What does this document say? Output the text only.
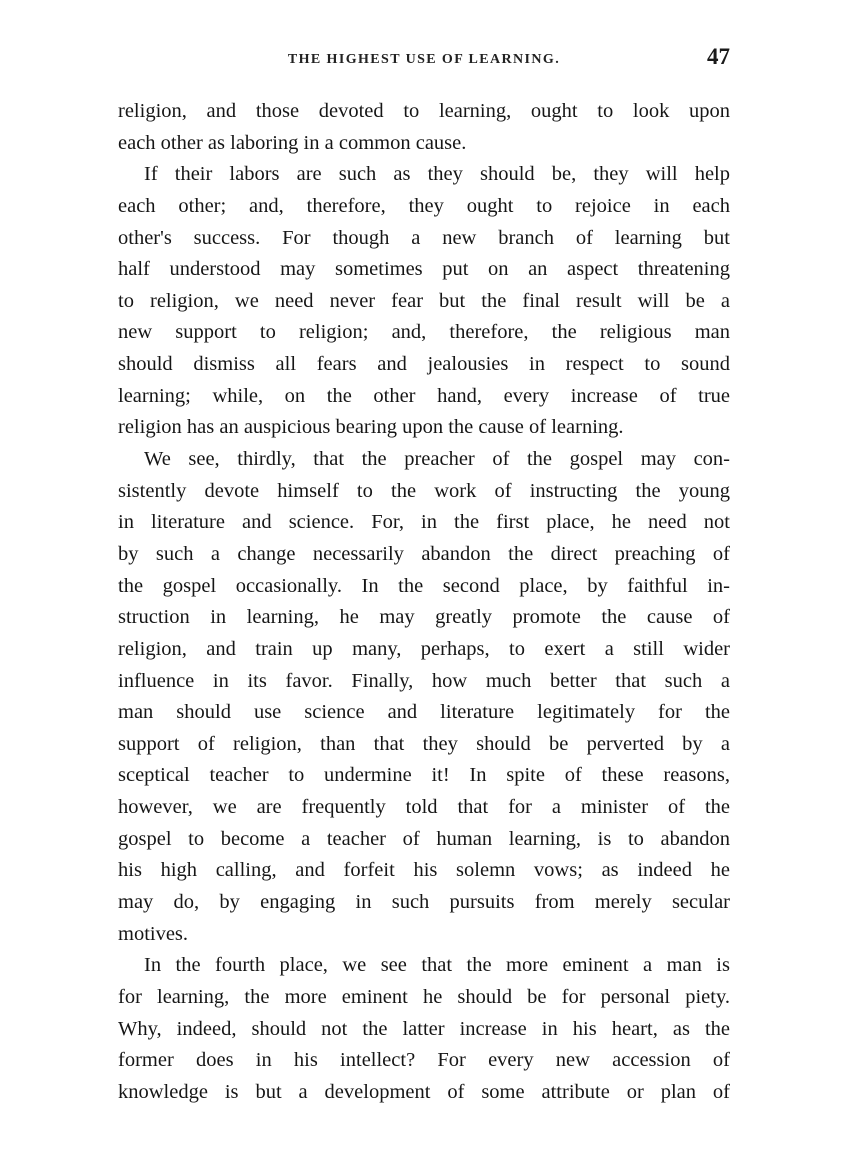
THE HIGHEST USE OF LEARNING.	47
religion, and those devoted to learning, ought to look upon
each other as laboring in a common cause.
If their labors are such as they should be, they will help
each other; and, therefore, they ought to rejoice in each
other's success. For though a new branch of learning but
half understood may sometimes put on an aspect threatening
to religion, we need never fear but the final result will be a
new support to religion; and, therefore, the religious man
should dismiss all fears and jealousies in respect to sound
learning; while, on the other hand, every increase of true
religion has an auspicious bearing upon the cause of learning.
We see, thirdly, that the preacher of the gospel may con-
sistently devote himself to the work of instructing the young
in literature and science. For, in the first place, he need not
by such a change necessarily abandon the direct preaching of
the gospel occasionally. In the second place, by faithful in-
struction in learning, he may greatly promote the cause of
religion, and train up many, perhaps, to exert a still wider
influence in its favor. Finally, how much better that such a
man should use science and literature legitimately for the
support of religion, than that they should be perverted by a
sceptical teacher to undermine it! In spite of these reasons,
however, we are frequently told that for a minister of the
gospel to become a teacher of human learning, is to abandon
his high calling, and forfeit his solemn vows; as indeed he
may do, by engaging in such pursuits from merely secular
motives.
In the fourth place, we see that the more eminent a man is
for learning, the more eminent he should be for personal piety.
Why, indeed, should not the latter increase in his heart, as the
former does in his intellect? For every new accession of
knowledge is but a development of some attribute or plan of
